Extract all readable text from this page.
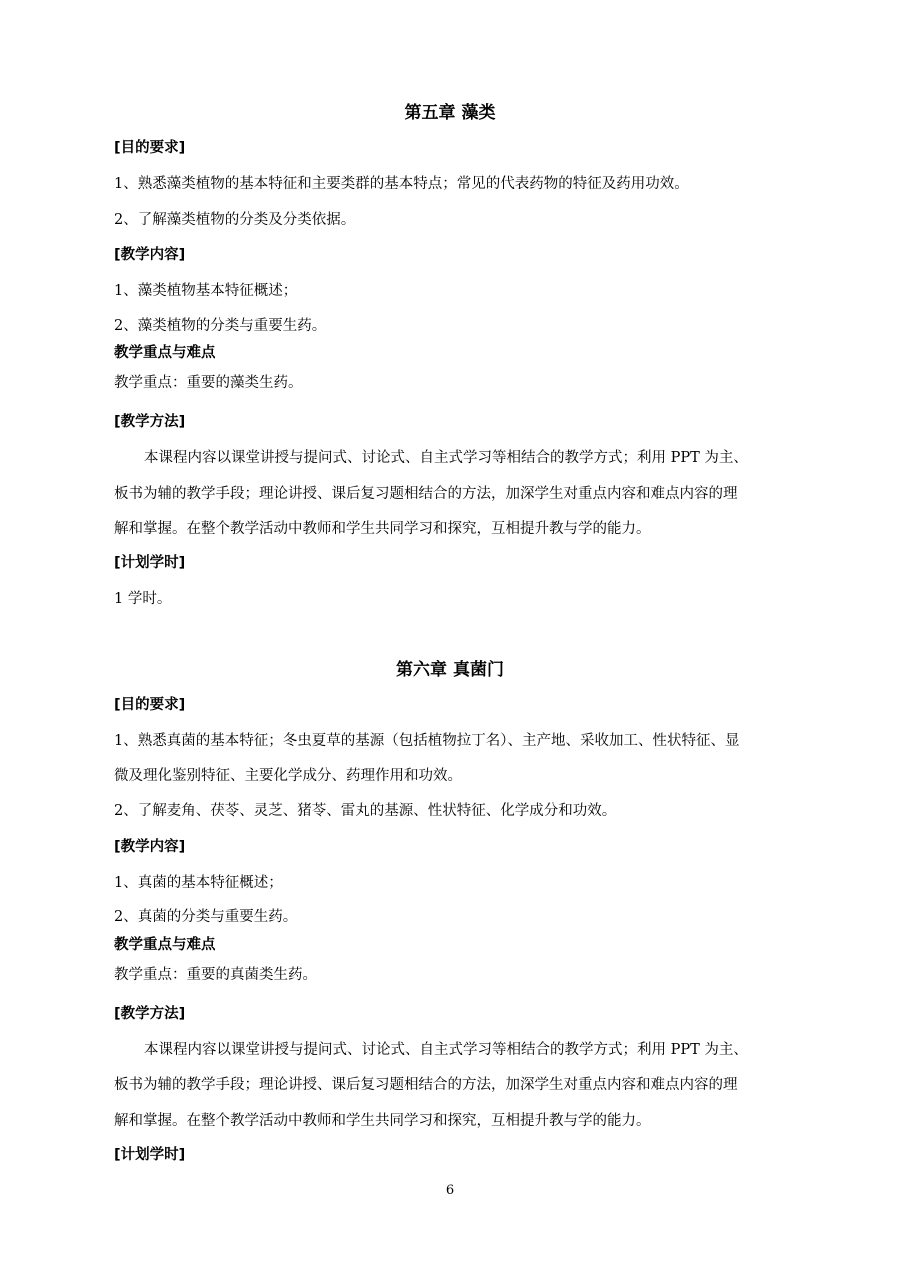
第五章 藻类
[目的要求]
1、熟悉藻类植物的基本特征和主要类群的基本特点；常见的代表药物的特征及药用功效。
2、了解藻类植物的分类及分类依据。
[教学内容]
1、藻类植物基本特征概述；
2、藻类植物的分类与重要生药。
教学重点与难点
教学重点：重要的藻类生药。
[教学方法]
本课程内容以课堂讲授与提问式、讨论式、自主式学习等相结合的教学方式；利用 PPT 为主、
板书为辅的教学手段；理论讲授、课后复习题相结合的方法，加深学生对重点内容和难点内容的理
解和掌握。在整个教学活动中教师和学生共同学习和探究，互相提升教与学的能力。
[计划学时]
1 学时。
第六章 真菌门
[目的要求]
1、熟悉真菌的基本特征；冬虫夏草的基源（包括植物拉丁名）、主产地、采收加工、性状特征、显
微及理化鉴别特征、主要化学成分、药理作用和功效。
2、了解麦角、茯苓、灵芝、猪苓、雷丸的基源、性状特征、化学成分和功效。
[教学内容]
1、真菌的基本特征概述；
2、真菌的分类与重要生药。
教学重点与难点
教学重点：重要的真菌类生药。
[教学方法]
本课程内容以课堂讲授与提问式、讨论式、自主式学习等相结合的教学方式；利用 PPT 为主、
板书为辅的教学手段；理论讲授、课后复习题相结合的方法，加深学生对重点内容和难点内容的理
解和掌握。在整个教学活动中教师和学生共同学习和探究，互相提升教与学的能力。
[计划学时]
6
